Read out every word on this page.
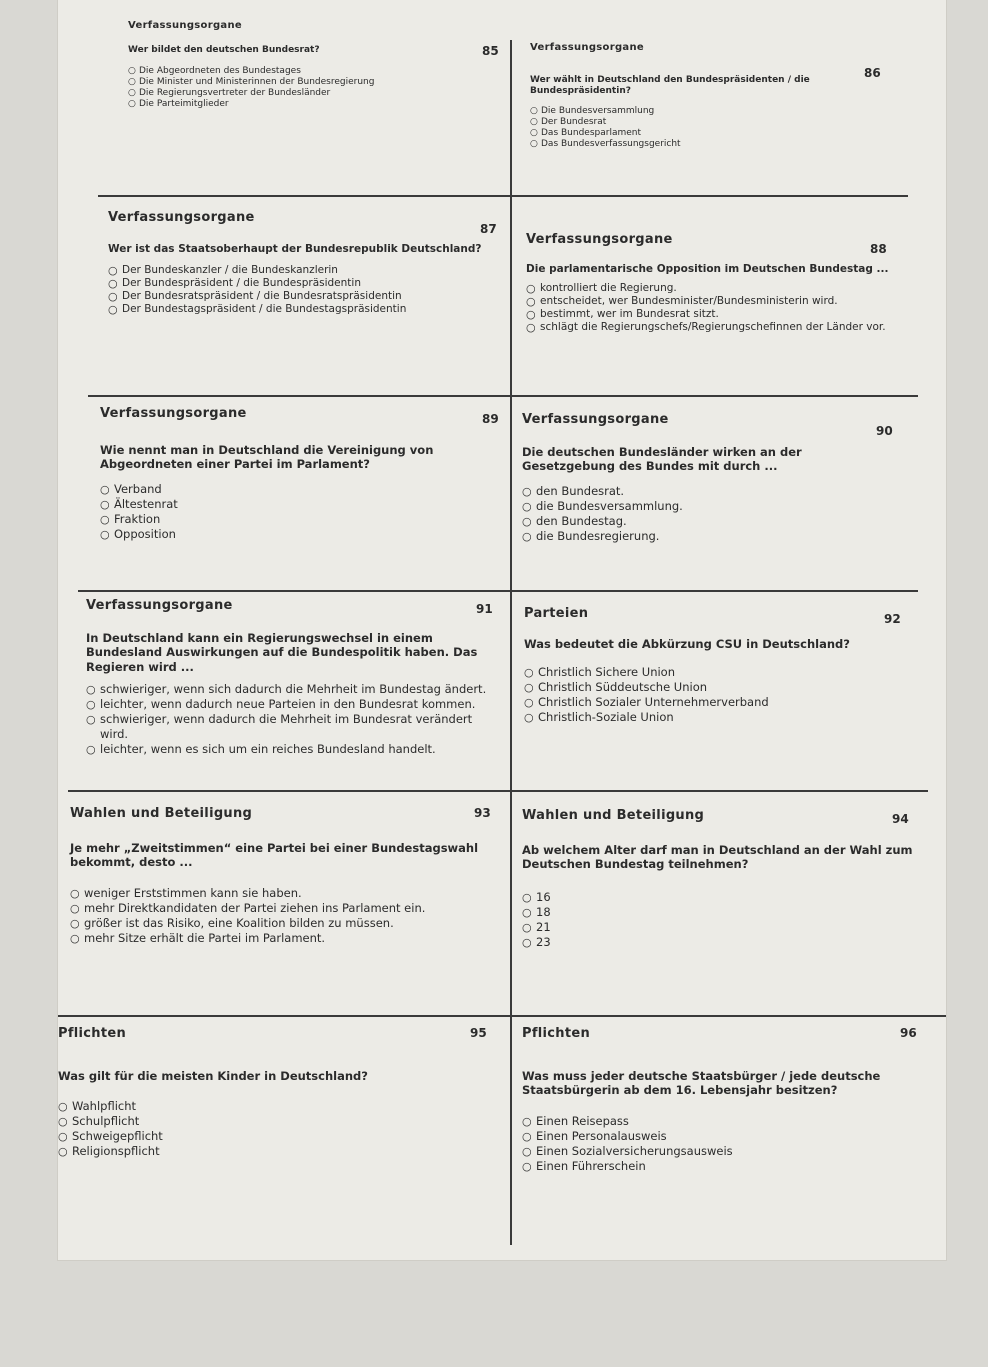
Verfassungsorgane
85
Wer bildet den deutschen Bundesrat?
○ Die Abgeordneten des Bundestages
○ Die Minister und Ministerinnen der Bundesregierung
○ Die Regierungsvertreter der Bundesländer
○ Die Parteimitglieder
Verfassungsorgane
86
Wer wählt in Deutschland den Bundespräsidenten / die Bundespräsidentin?
○ Die Bundesversammlung
○ Der Bundesrat
○ Das Bundesparlament
○ Das Bundesverfassungsgericht
Verfassungsorgane
87
Wer ist das Staatsoberhaupt der Bundesrepublik Deutschland?
○ Der Bundeskanzler / die Bundeskanzlerin
○ Der Bundespräsident / die Bundespräsidentin
○ Der Bundesratspräsident / die Bundesratspräsidentin
○ Der Bundestagspräsident / die Bundestagspräsidentin
Verfassungsorgane
88
Die parlamentarische Opposition im Deutschen Bundestag ...
○ kontrolliert die Regierung.
○ entscheidet, wer Bundesminister/Bundesministerin wird.
○ bestimmt, wer im Bundesrat sitzt.
○ schlägt die Regierungschefs/Regierungschefinnen der Länder vor.
Verfassungsorgane	89
Wie nennt man in Deutschland die Vereinigung von Abgeordneten einer Partei im Parlament?
○ Verband
○ Ältestenrat
○ Fraktion
○ Opposition
Verfassungsorgane
90
Die deutschen Bundesländer wirken an der Gesetzgebung des Bundes mit durch ...
○ den Bundesrat.
○ die Bundesversammlung.
○ den Bundestag.
○ die Bundesregierung.
Verfassungsorgane	91
In Deutschland kann ein Regierungswechsel in einem Bundesland Auswirkungen auf die Bundespolitik haben. Das Regieren wird ...
○ schwieriger, wenn sich dadurch die Mehrheit im Bundestag ändert.
○ leichter, wenn dadurch neue Parteien in den Bundesrat kommen.
○ schwieriger, wenn dadurch die Mehrheit im Bundesrat verändert wird.
○ leichter, wenn es sich um ein reiches Bundesland handelt.
Parteien	92
Was bedeutet die Abkürzung CSU in Deutschland?
○ Christlich Sichere Union
○ Christlich Süddeutsche Union
○ Christlich Sozialer Unternehmerverband
○ Christlich-Soziale Union
Wahlen und Beteiligung	93
Je mehr „Zweitstimmen“ eine Partei bei einer Bundestagswahl bekommt, desto ...
○ weniger Erststimmen kann sie haben.
○ mehr Direktkandidaten der Partei ziehen ins Parlament ein.
○ größer ist das Risiko, eine Koalition bilden zu müssen.
○ mehr Sitze erhält die Partei im Parlament.
Wahlen und Beteiligung	94
Ab welchem Alter darf man in Deutschland an der Wahl zum Deutschen Bundestag teilnehmen?
○ 16
○ 18
○ 21
○ 23
Pflichten	95
Was gilt für die meisten Kinder in Deutschland?
○ Wahlpflicht
○ Schulpflicht
○ Schweigepflicht
○ Religionspflicht
Pflichten	96
Was muss jeder deutsche Staatsbürger / jede deutsche Staatsbürgerin ab dem 16. Lebensjahr besitzen?
○ Einen Reisepass
○ Einen Personalausweis
○ Einen Sozialversicherungsausweis
○ Einen Führerschein
